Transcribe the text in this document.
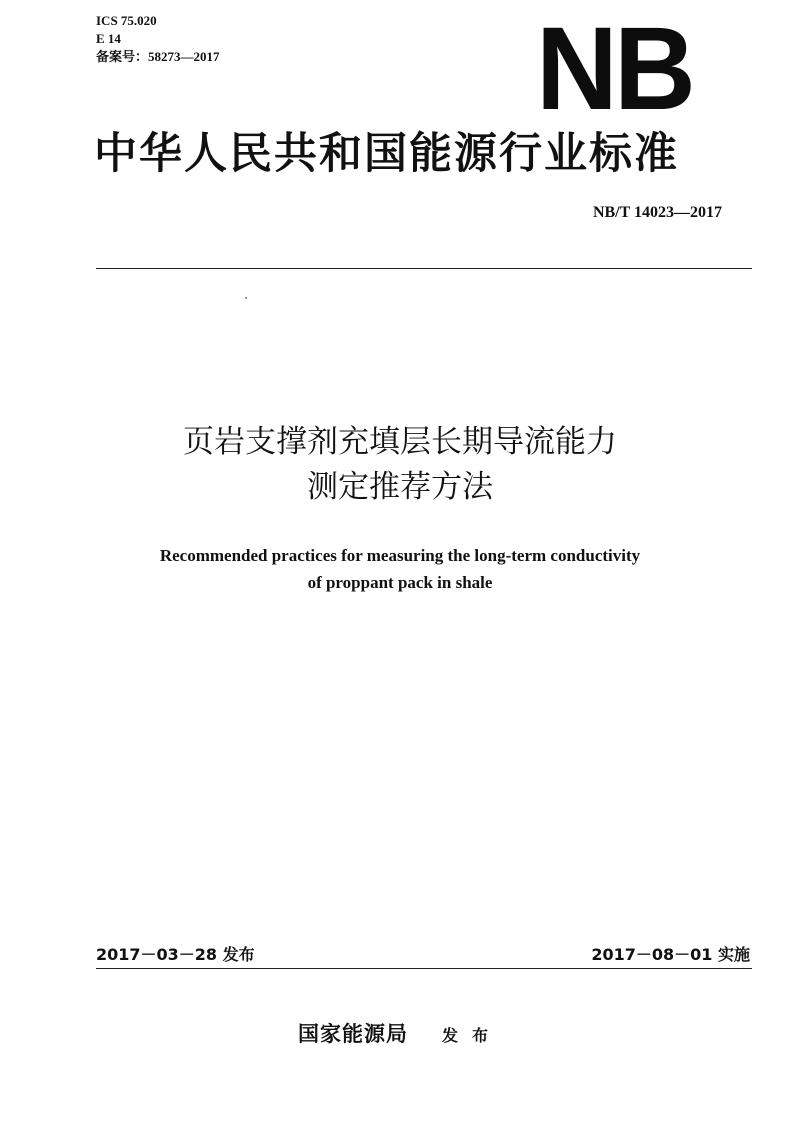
ICS 75.020
E 14
备案号：58273—2017	NB
中华人民共和国能源行业标准
NB/T 14023—2017
页岩支撑剂充填层长期导流能力
测定推荐方法
Recommended practices for measuring the long-term conductivity
of proppant pack in shale
2017－03－28 发布	2017－08－01 实施
国家能源局 发布
